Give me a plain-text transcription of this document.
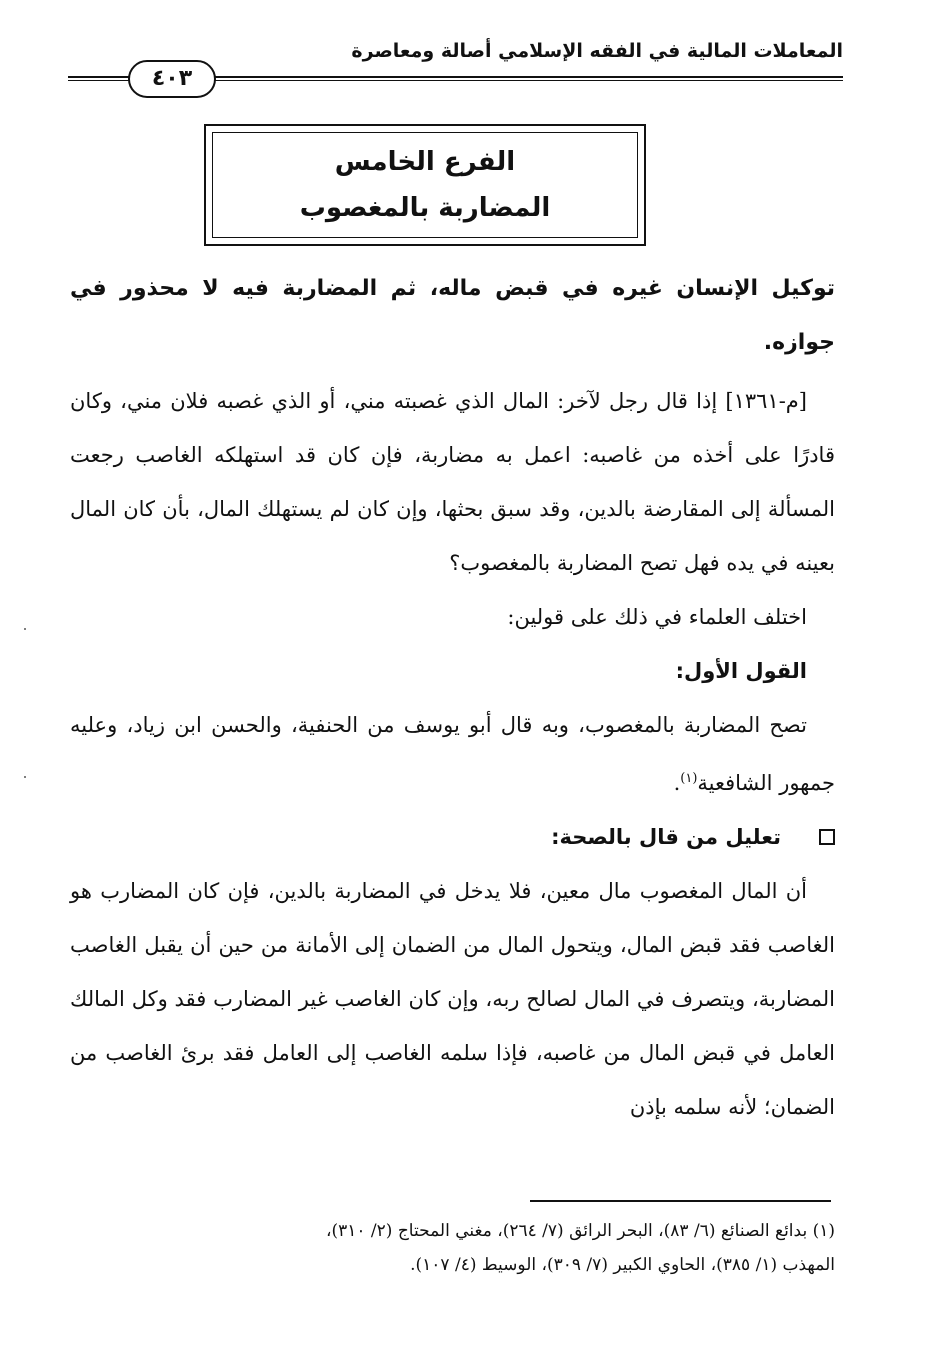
المعاملات المالية في الفقه الإسلامي أصالة ومعاصرة
٤٠٣
الفرع الخامس
المضاربة بالمغصوب

توكيل الإنسان غيره في قبض ماله، ثم المضاربة فيه لا محذور في جوازه.

[م-١٣٦١] إذا قال رجل لآخر: المال الذي غصبته مني، أو الذي غصبه فلان مني، وكان قادرًا على أخذه من غاصبه: اعمل به مضاربة، فإن كان قد استهلكه الغاصب رجعت المسألة إلى المقارضة بالدين، وقد سبق بحثها، وإن كان لم يستهلك المال، بأن كان المال بعينه في يده فهل تصح المضاربة بالمغصوب؟

اختلف العلماء في ذلك على قولين:

القول الأول:

تصح المضاربة بالمغصوب، وبه قال أبو يوسف من الحنفية، والحسن ابن زياد، وعليه جمهور الشافعية$^{(١)}$.

تعليل من قال بالصحة:

أن المال المغصوب مال معين، فلا يدخل في المضاربة بالدين، فإن كان المضارب هو الغاصب فقد قبض المال، ويتحول المال من الضمان إلى الأمانة من حين أن يقبل الغاصب المضاربة، ويتصرف في المال لصالح ربه، وإن كان الغاصب غير المضارب فقد وكل المالك العامل في قبض المال من غاصبه، فإذا سلمه الغاصب إلى العامل فقد برئ الغاصب من الضمان؛ لأنه سلمه بإذن

(١) بدائع الصنائع (٦/ ٨٣)، البحر الرائق (٧/ ٢٦٤)، مغني المحتاج (٢/ ٣١٠)،

المهذب (١/ ٣٨٥)، الحاوي الكبير (٧/ ٣٠٩)، الوسيط (٤/ ١٠٧).
